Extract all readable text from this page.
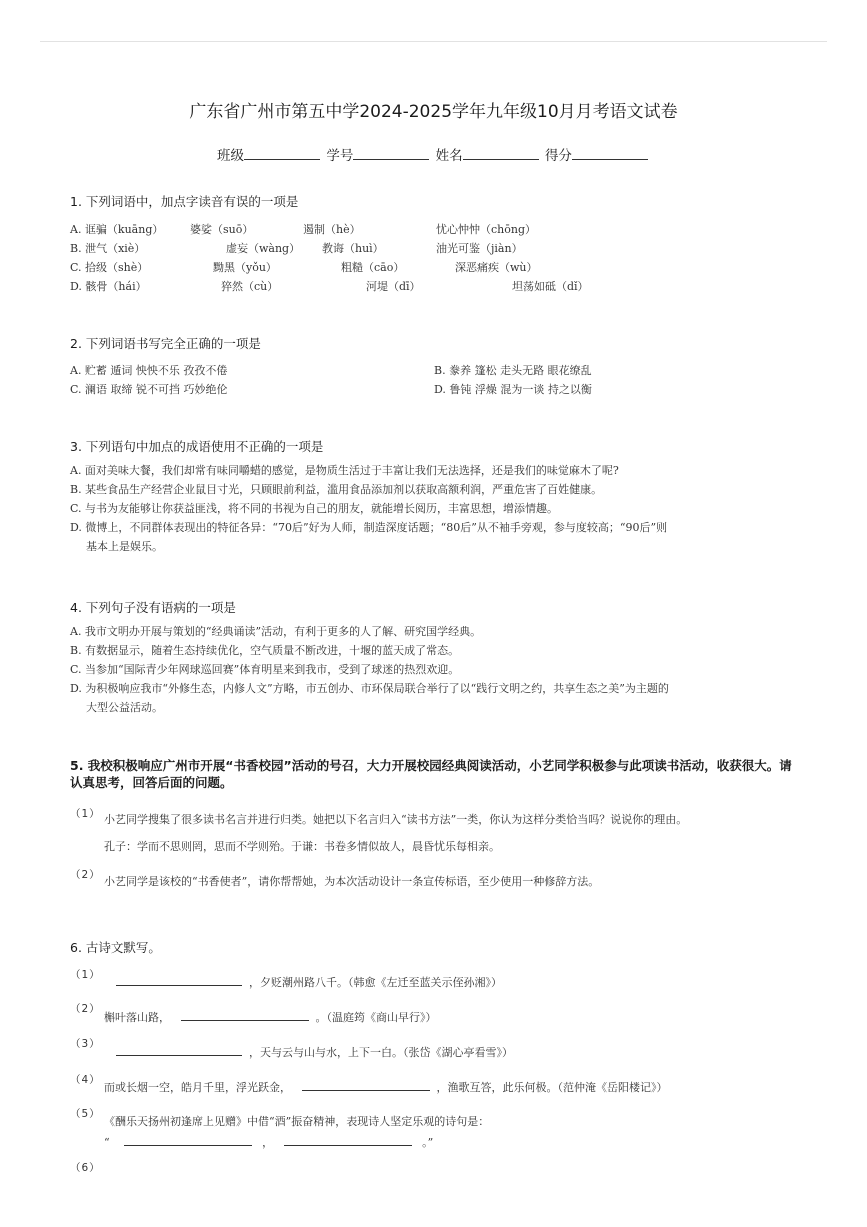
广东省广州市第五中学2024-2025学年九年级10月月考语文试卷
班级	学号	姓名	得分
1. 下列词语中，加点字读音有误的一项是
A. 诓骗（kuāng） 婆娑（suō）	遏制（hè）	忧心忡忡（chōng）
B. 泄气（xiè）	虚妄（wàng） 教诲（huì）	油光可鉴（jiàn）
C. 拾级（shè）	黝黑（yǒu）	粗糙（cāo）	深恶痛疾（wù）
D. 骸骨（hái）	猝然（cù）	河堤（dī）	坦荡如砥（dǐ）
2. 下列词语书写完全正确的一项是
A. 贮蓄 遁词 怏怏不乐 孜孜不倦	B. 豢养 篷松 走头无路 眼花缭乱
C. 澜语 取缔 锐不可挡 巧妙绝伦	D. 鲁钝 浮燥 混为一谈 持之以衡
3. 下列语句中加点的成语使用不正确的一项是
A. 面对美味大餐，我们却常有味同嚼蜡的感觉，是物质生活过于丰富让我们无法选择，还是我们的味觉麻木了呢?
B. 某些食品生产经营企业鼠目寸光，只顾眼前利益，滥用食品添加剂以获取高额利润，严重危害了百姓健康。
C. 与书为友能够让你获益匪浅，将不同的书视为自己的朋友，就能增长阅历，丰富思想，增添情趣。
D. 微博上，不同群体表现出的特征各异：“70后”好为人师，制造深度话题；“80后”从不袖手旁观，参与度较高；“90后”则
基本上是娱乐。
4. 下列句子没有语病的一项是
A. 我市文明办开展与策划的“经典诵读”活动，有利于更多的人了解、研究国学经典。
B. 有数据显示，随着生态持续优化，空气质量不断改进，十堰的蓝天成了常态。
C. 当参加“国际青少年网球巡回赛”体育明星来到我市，受到了球迷的热烈欢迎。
D. 为积极响应我市“外修生态，内修人文”方略，市五创办、市环保局联合举行了以“践行文明之约，共享生态之美”为主题的
大型公益活动。
5. 我校积极响应广州市开展“书香校园”活动的号召，大力开展校园经典阅读活动，小艺同学积极参与此项读书活动，收获很大。请认真思考，回答后面的问题。
（1） 小艺同学搜集了很多读书名言并进行归类。她把以下名言归入“读书方法”一类，你认为这样分类恰当吗？说说你的理由。
孔子：学而不思则罔，思而不学则殆。于谦：书卷多情似故人，晨昏忧乐每相亲。
（2） 小艺同学是该校的“书香使者”，请你帮帮她，为本次活动设计一条宣传标语，至少使用一种修辞方法。
6. 古诗文默写。
（1）
，夕贬潮州路八千。（韩愈《左迁至蓝关示侄孙湘》）
（2）
槲叶落山路，	。（温庭筠《商山早行》）
（3）
，天与云与山与水，上下一白。（张岱《湖心亭看雪》）
（4）
而或长烟一空，皓月千里，浮光跃金，	，渔歌互答，此乐何极。（范仲淹《岳阳楼记》）
（5）
《酬乐天扬州初逢席上见赠》中借“酒”振奋精神，表现诗人坚定乐观的诗句是：
“	，	。”
（6）
